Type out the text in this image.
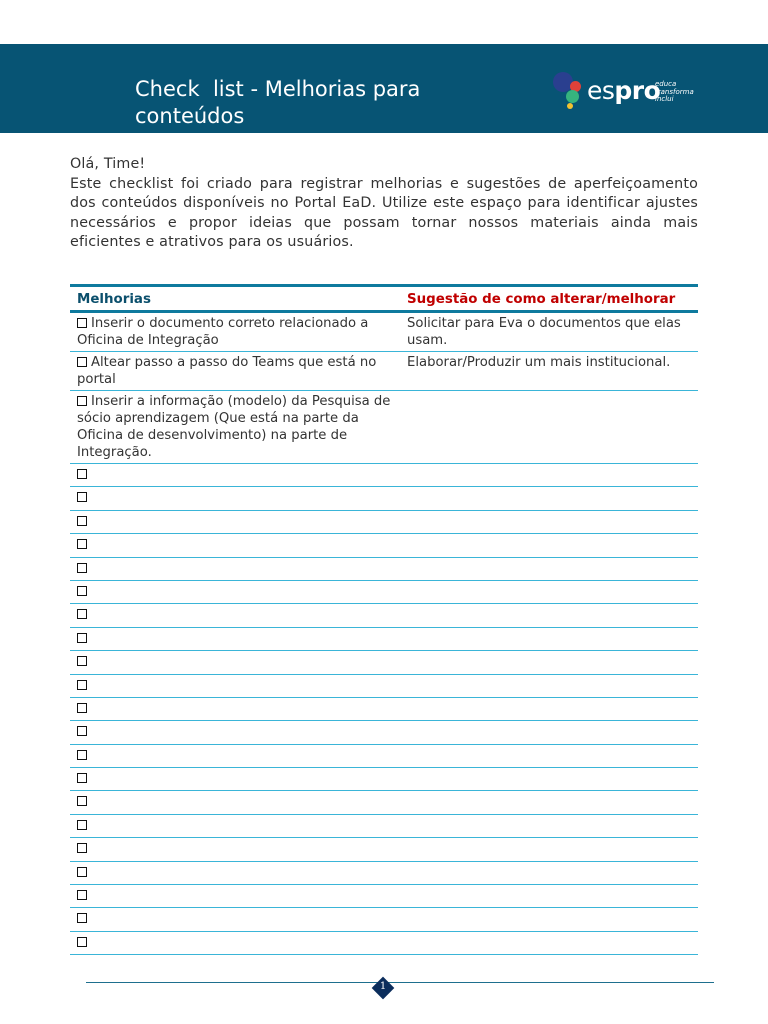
Check  list - Melhorias para conteúdos
espro
educa
transforma
inclui

Olá, Time!

Este checklist foi criado para registrar melhorias e sugestões de aperfeiçoamento dos conteúdos disponíveis no Portal EaD. Utilize este espaço para identificar ajustes necessários e propor ideias que possam tornar nossos materiais ainda mais eficientes e atrativos para os usuários.

Melhorias	Sugestão de como alterar/melhorar
Inserir o documento correto relacionado a Oficina de Integração	Solicitar para Eva o documentos que elas usam.
Altear passo a passo do Teams que está no portal	Elaborar/Produzir um mais institucional.
Inserir a informação (modelo) da Pesquisa de sócio aprendizagem (Que está na parte da Oficina de desenvolvimento) na parte de Integração.	

1
